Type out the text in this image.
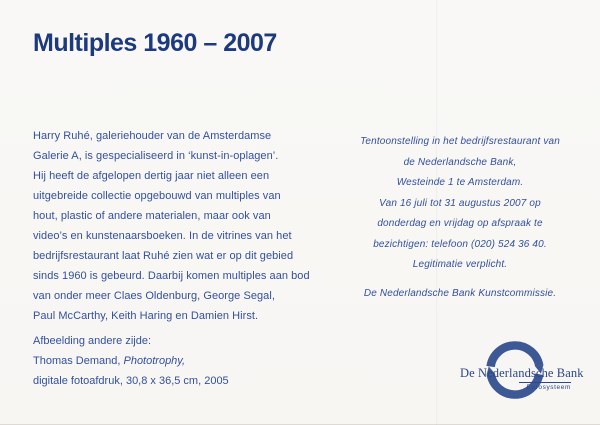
Multiples 1960 – 2007
Harry Ruhé, galeriehouder van de Amsterdamse
Galerie A, is gespecialiseerd in ‘kunst-in-oplagen’.
Hij heeft de afgelopen dertig jaar niet alleen een
uitgebreide collectie opgebouwd van multiples van
hout, plastic of andere materialen, maar ook van
video’s en kunstenaarsboeken. In de vitrines van het
bedrijfsrestaurant laat Ruhé zien wat er op dit gebied
sinds 1960 is gebeurd. Daarbij komen multiples aan bod
van onder meer Claes Oldenburg, George Segal,
Paul McCarthy, Keith Haring en Damien Hirst.
Afbeelding andere zijde:
Thomas Demand, Phototrophy,
digitale fotoafdruk, 30,8 x 36,5 cm, 2005
Tentoonstelling in het bedrijfsrestaurant van
de Nederlandsche Bank,
Westeinde 1 te Amsterdam.
Van 16 juli tot 31 augustus 2007 op
donderdag en vrijdag op afspraak te
bezichtigen: telefoon (020) 524 36 40.
Legitimatie verplicht.
De Nederlandsche Bank Kunstcommissie.
De Nederlandsche Bank
Eurosysteem
